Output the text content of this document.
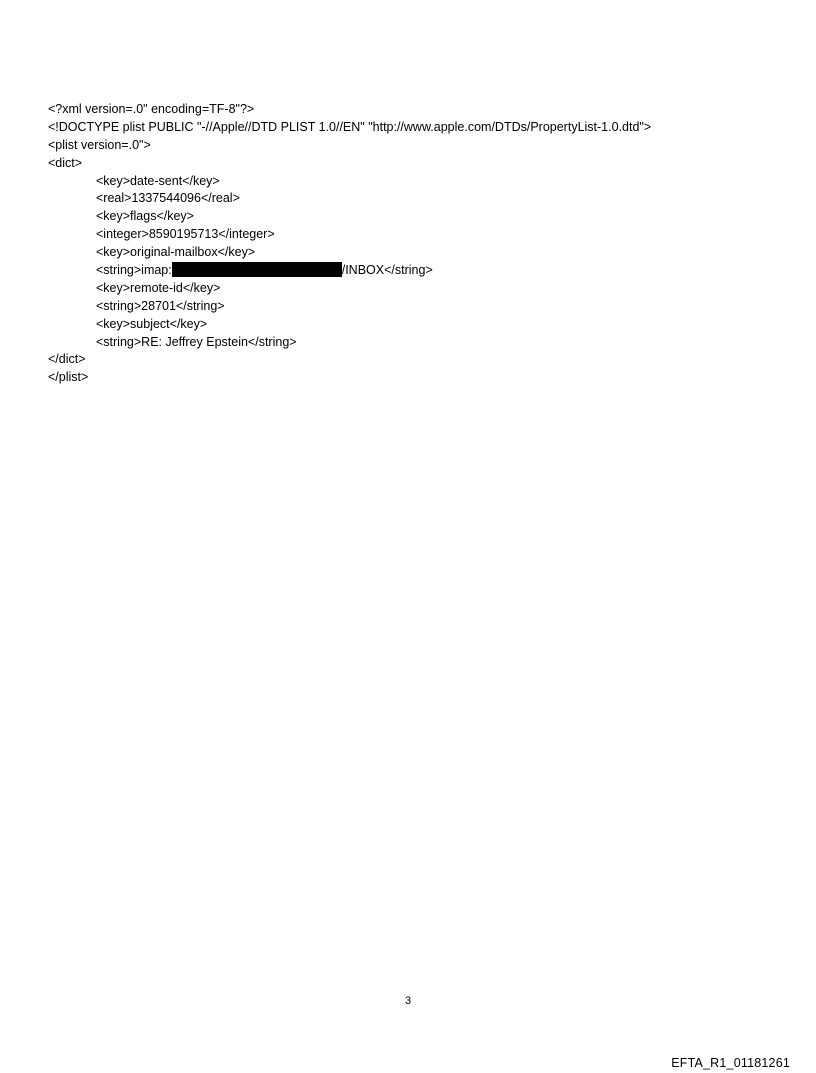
<?xml version=.0" encoding=TF-8"?>
<!DOCTYPE plist PUBLIC "-//Apple//DTD PLIST 1.0//EN" "http://www.apple.com/DTDs/PropertyList-1.0.dtd">
<plist version=.0">
<dict>
<key>date-sent</key>
<real>1337544096</real>
<key>flags</key>
<integer>8590195713</integer>
<key>original-mailbox</key>
<string>imap:	/INBOX</string>
<key>remote-id</key>
<string>28701</string>
<key>subject</key>
<string>RE: Jeffrey Epstein</string>
</dict>
</plist>
3
EFTA_R1_01181261
